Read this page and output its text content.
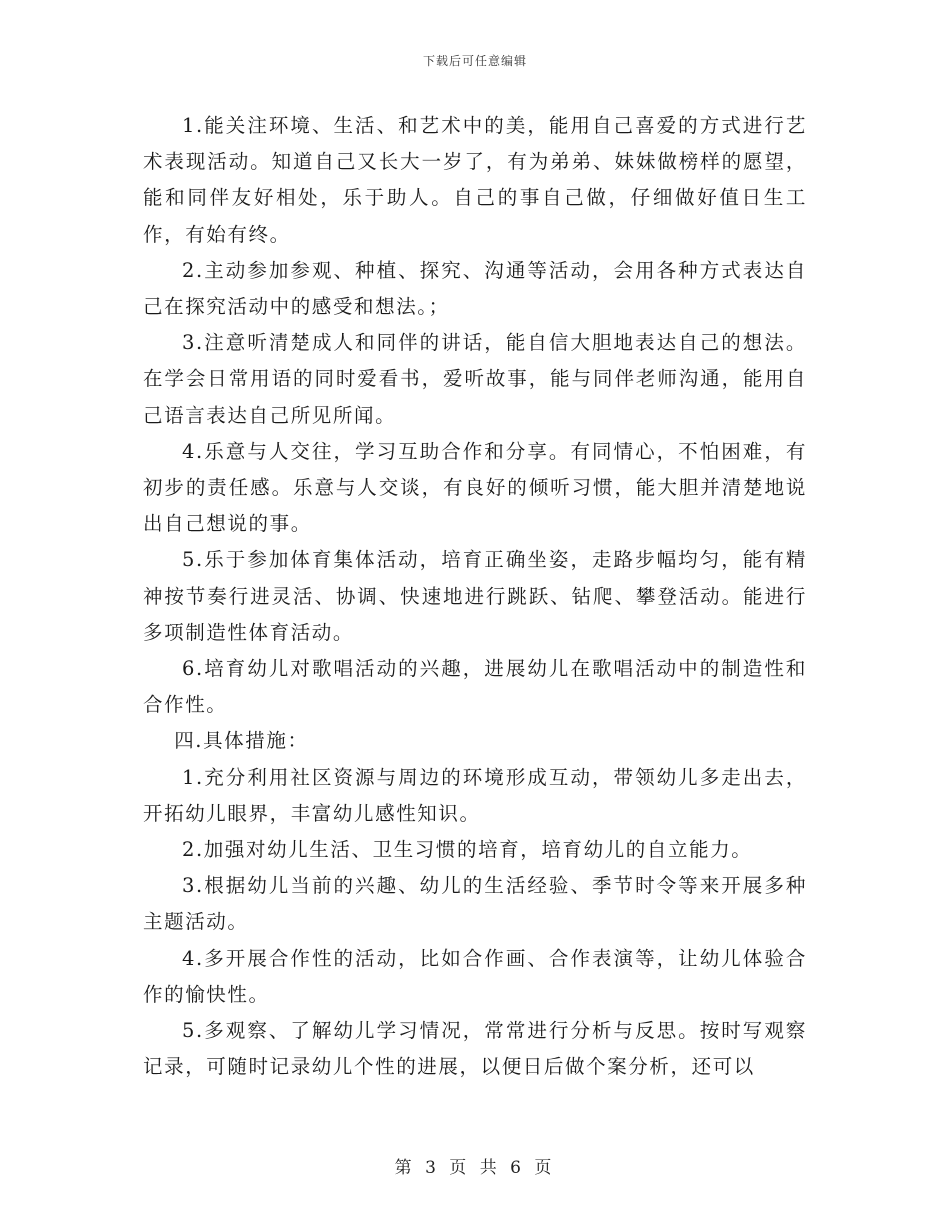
下载后可任意编辑

1.能关注环境、生活、和艺术中的美，能用自己喜爱的方式进行艺术表现活动。知道自己又长大一岁了，有为弟弟、妹妹做榜样的愿望，能和同伴友好相处，乐于助人。自己的事自己做，仔细做好值日生工作，有始有终。

2.主动参加参观、种植、探究、沟通等活动，会用各种方式表达自己在探究活动中的感受和想法。；

3.注意听清楚成人和同伴的讲话，能自信大胆地表达自己的想法。在学会日常用语的同时爱看书，爱听故事，能与同伴老师沟通，能用自己语言表达自己所见所闻。

4.乐意与人交往，学习互助合作和分享。有同情心，不怕困难，有初步的责任感。乐意与人交谈，有良好的倾听习惯，能大胆并清楚地说出自己想说的事。

5.乐于参加体育集体活动，培育正确坐姿，走路步幅均匀，能有精神按节奏行进灵活、协调、快速地进行跳跃、钻爬、攀登活动。能进行多项制造性体育活动。

6.培育幼儿对歌唱活动的兴趣，进展幼儿在歌唱活动中的制造性和合作性。

四.具体措施：

1.充分利用社区资源与周边的环境形成互动，带领幼儿多走出去，开拓幼儿眼界，丰富幼儿感性知识。

2.加强对幼儿生活、卫生习惯的培育，培育幼儿的自立能力。

3.根据幼儿当前的兴趣、幼儿的生活经验、季节时令等来开展多种主题活动。

4.多开展合作性的活动，比如合作画、合作表演等，让幼儿体验合作的愉快性。

5.多观察、了解幼儿学习情况，常常进行分析与反思。按时写观察记录，可随时记录幼儿个性的进展，以便日后做个案分析，还可以

第 3 页 共 6 页
